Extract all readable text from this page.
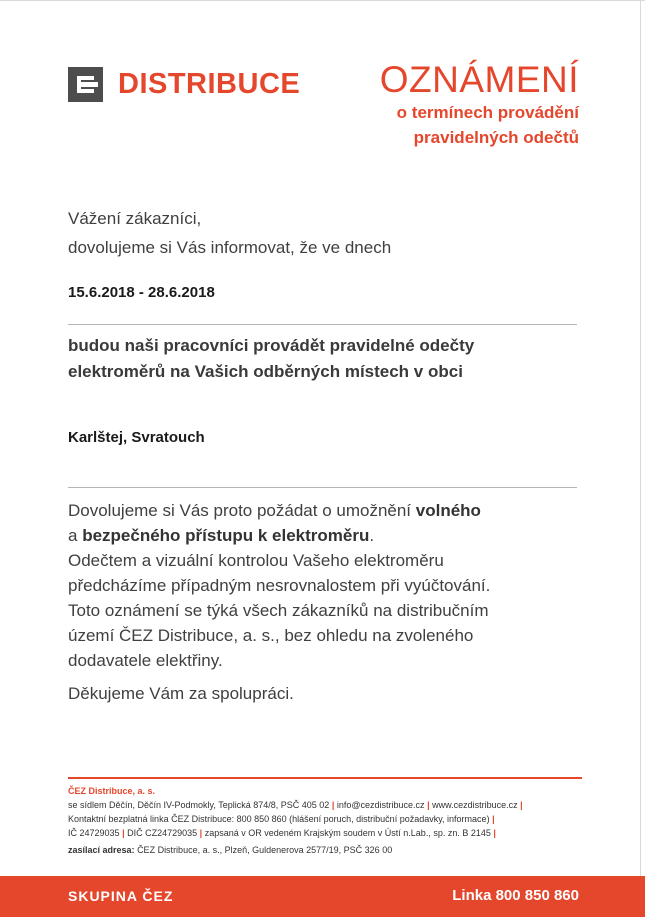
DISTRIBUCE OZNÁMENÍ
o termínech provádění
pravidelných odečtů
Vážení zákazníci,
dovolujeme si Vás informovat, že ve dnech
15.6.2018 - 28.6.2018
budou naši pracovníci provádět pravidelné odečty
elektroměrů na Vašich odběrných místech v obci
Karlštej, Svratouch
Dovolujeme si Vás proto požádat o umožnění volného
a bezpečného přístupu k elektroměru.
Odečtem a vizuální kontrolou Vašeho elektroměru
předcházíme případným nesrovnalostem při vyúčtování.
Toto oznámení se týká všech zákazníků na distribučním
území ČEZ Distribuce, a. s., bez ohledu na zvoleného
dodavatele elektřiny.
Děkujeme Vám za spolupráci.
ČEZ Distribuce, a. s.
se sídlem Děčín, Děčín IV-Podmokly, Teplická 874/8, PSČ 405 02 | info@cezdistribuce.cz | www.cezdistribuce.cz |
Kontaktní bezplatná linka ČEZ Distribuce: 800 850 860 (hlášení poruch, distribuční požadavky, informace) |
IČ 24729035 | DIČ CZ24729035 | zapsaná v OR vedeném Krajským soudem v Ústí n.Lab., sp. zn. B 2145 |
zasílací adresa: ČEZ Distribuce, a. s., Plzeň, Guldenerova 2577/19, PSČ 326 00
SKUPINA ČEZ	Linka 800 850 860
